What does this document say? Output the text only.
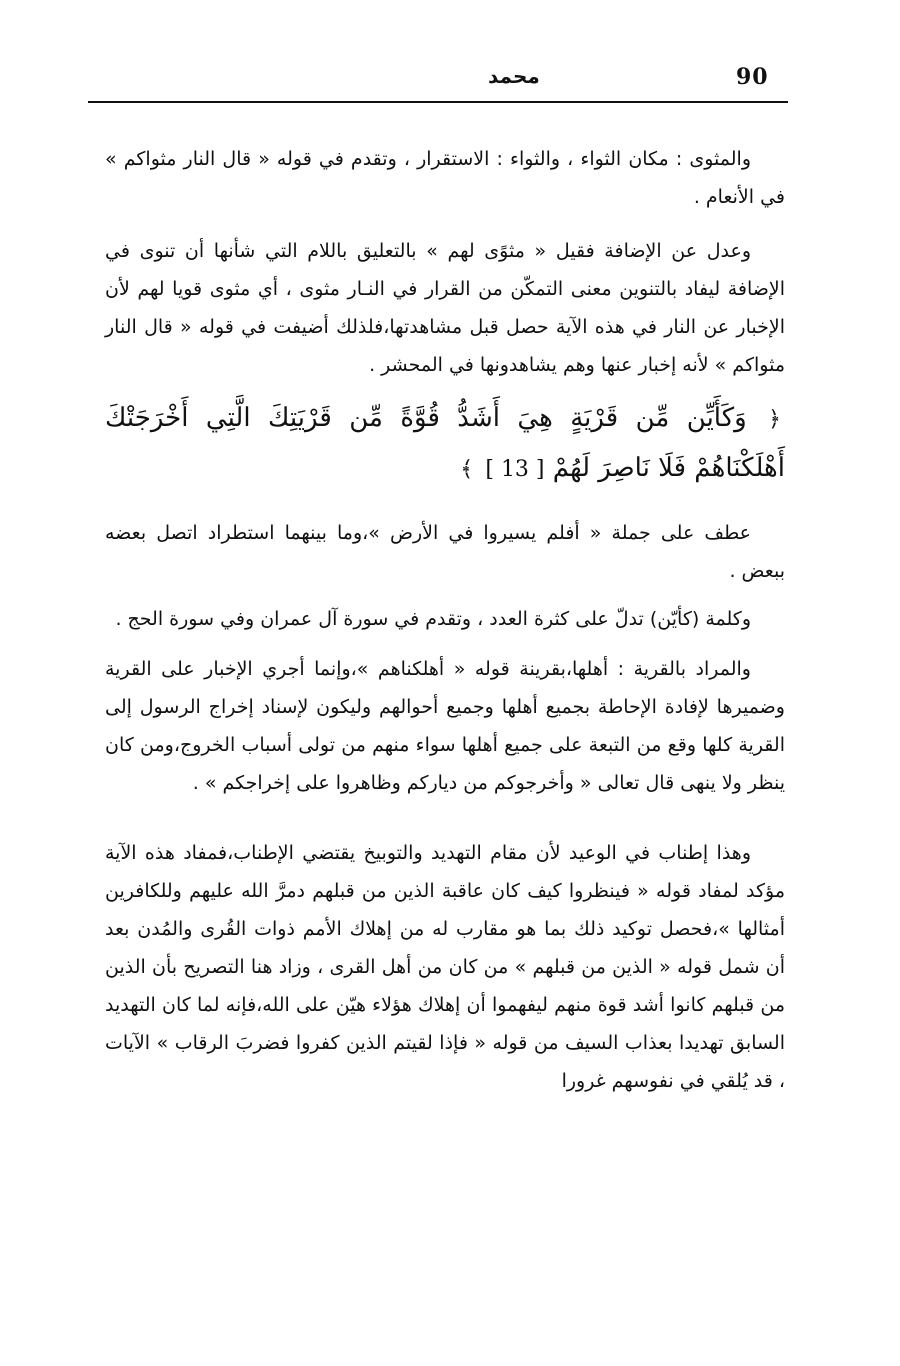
90
محمد

والمثوى : مكان الثواء ، والثواء : الاستقرار ، وتقدم في قوله « قال النار مثواكم » في الأنعام .

وعدل عن الإضافة فقيل « مثوًى لهم » بالتعليق باللام التي شأنها أن تنوى في الإضافة ليفاد بالتنوين معنى التمكّن من القرار في النـار مثوى ، أي مثوى قويا لهم لأن الإخبار عن النار في هذه الآية حصل قبل مشاهدتها،فلذلك أضيفت في قوله « قال النار مثواكم » لأنه إخبار عنها وهم يشاهدونها في المحشر .

﴿ وَكَأَيِّن مِّن قَرْيَةٍ هِيَ أَشَدُّ قُوَّةً مِّن قَرْيَتِكَ الَّتِي أَخْرَجَتْكَ أَهْلَكْنَاهُمْ فَلَا نَاصِرَ لَهُمْ [ 13 ] ﴾

عطف على جملة « أفلم يسيروا في الأرض »،وما بينهما استطراد اتصل بعضه ببعض .

وكلمة (كأيّن) تدلّ على كثرة العدد ، وتقدم في سورة آل عمران وفي سورة الحج .

والمراد بالقرية : أهلها،بقرينة قوله « أهلكناهم »،وإنما أجري الإخبار على القرية وضميرها لإفادة الإحاطة بجميع أهلها وجميع أحوالهم وليكون لإسناد إخراج الرسول إلى القرية كلها وقع من التبعة على جميع أهلها سواء منهم من تولى أسباب الخروج،ومن كان ينظر ولا ينهى قال تعالى « وأخرجوكم من دياركم وظاهروا على إخراجكم » .

وهذا إطناب في الوعيد لأن مقام التهديد والتوبيخ يقتضي الإطناب،فمفاد هذه الآية مؤكد لمفاد قوله « فينظروا كيف كان عاقبة الذين من قبلهم دمرَّ الله عليهم وللكافرين أمثالها »،فحصل توكيد ذلك بما هو مقارب له من إهلاك الأمم ذوات القُرى والمُدن بعد أن شمل قوله « الذين من قبلهم » من كان من أهل القرى ، وزاد هنا التصريح بأن الذين من قبلهم كانوا أشد قوة منهم ليفهموا أن إهلاك هؤلاء هيّن على الله،فإنه لما كان التهديد السابق تهديدا بعذاب السيف من قوله « فإذا لقيتم الذين كفروا فضربَ الرقاب » الآيات ، قد يُلقي في نفوسهم غرورا
